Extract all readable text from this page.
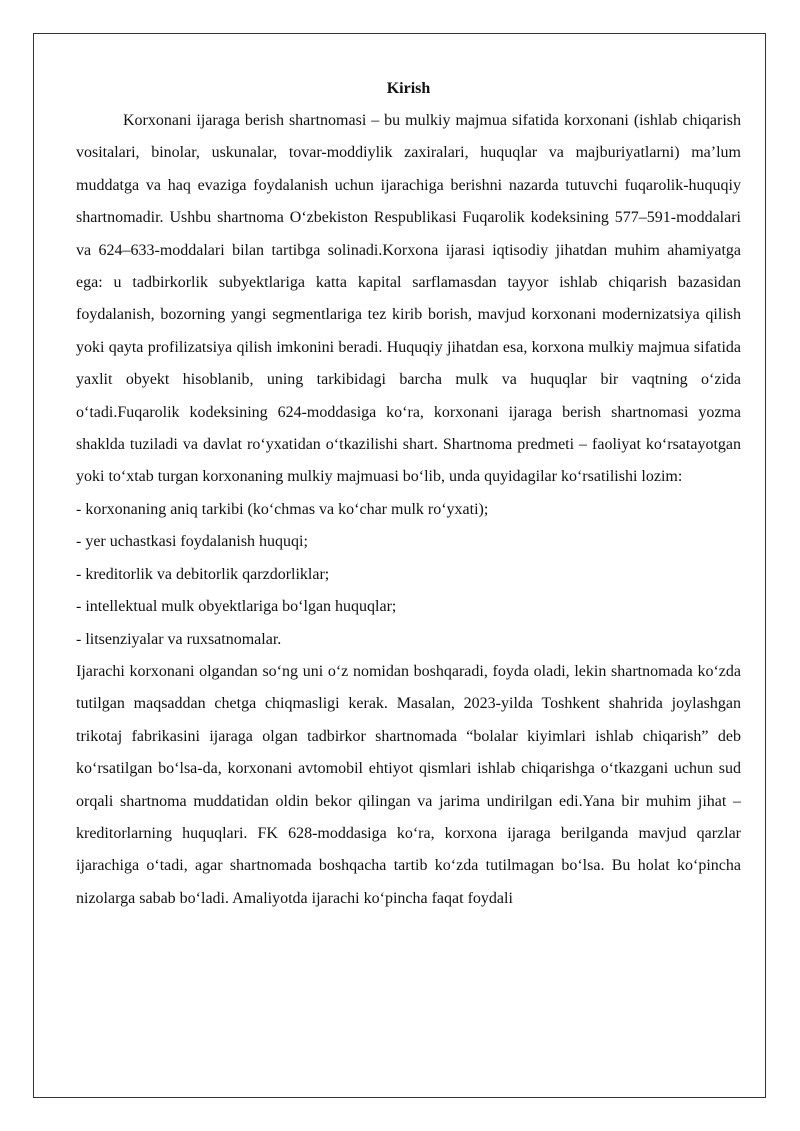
Kirish

Korxonani ijaraga berish shartnomasi – bu mulkiy majmua sifatida korxonani (ishlab chiqarish vositalari, binolar, uskunalar, tovar-moddiylik zaxiralari, huquqlar va majburiyatlarni) ma’lum muddatga va haq evaziga foydalanish uchun ijarachiga berishni nazarda tutuvchi fuqarolik-huquqiy shartnomadir. Ushbu shartnoma O‘zbekiston Respublikasi Fuqarolik kodeksining 577–591-moddalari va 624–633-moddalari bilan tartibga solinadi.Korxona ijarasi iqtisodiy jihatdan muhim ahamiyatga ega: u tadbirkorlik subyektlariga katta kapital sarflamasdan tayyor ishlab chiqarish bazasidan foydalanish, bozorning yangi segmentlariga tez kirib borish, mavjud korxonani modernizatsiya qilish yoki qayta profilizatsiya qilish imkonini beradi. Huquqiy jihatdan esa, korxona mulkiy majmua sifatida yaxlit obyekt hisoblanib, uning tarkibidagi barcha mulk va huquqlar bir vaqtning o‘zida o‘tadi.Fuqarolik kodeksining 624-moddasiga ko‘ra, korxonani ijaraga berish shartnomasi yozma shaklda tuziladi va davlat ro‘yxatidan o‘tkazilishi shart. Shartnoma predmeti – faoliyat ko‘rsatayotgan yoki to‘xtab turgan korxonaning mulkiy majmuasi bo‘lib, unda quyidagilar ko‘rsatilishi lozim:

- korxonaning aniq tarkibi (ko‘chmas va ko‘char mulk ro‘yxati);

- yer uchastkasi foydalanish huquqi;

- kreditorlik va debitorlik qarzdorliklar;

- intellektual mulk obyektlariga bo‘lgan huquqlar;

- litsenziyalar va ruxsatnomalar.

Ijarachi korxonani olgandan so‘ng uni o‘z nomidan boshqaradi, foyda oladi, lekin shartnomada ko‘zda tutilgan maqsaddan chetga chiqmasligi kerak. Masalan, 2023-yilda Toshkent shahrida joylashgan trikotaj fabrikasini ijaraga olgan tadbirkor shartnomada “bolalar kiyimlari ishlab chiqarish” deb ko‘rsatilgan bo‘lsa-da, korxonani avtomobil ehtiyot qismlari ishlab chiqarishga o‘tkazgani uchun sud orqali shartnoma muddatidan oldin bekor qilingan va jarima undirilgan edi.Yana bir muhim jihat – kreditorlarning huquqlari. FK 628-moddasiga ko‘ra, korxona ijaraga berilganda mavjud qarzlar ijarachiga o‘tadi, agar shartnomada boshqacha tartib ko‘zda tutilmagan bo‘lsa. Bu holat ko‘pincha nizolarga sabab bo‘ladi. Amaliyotda ijarachi ko‘pincha faqat foydali
